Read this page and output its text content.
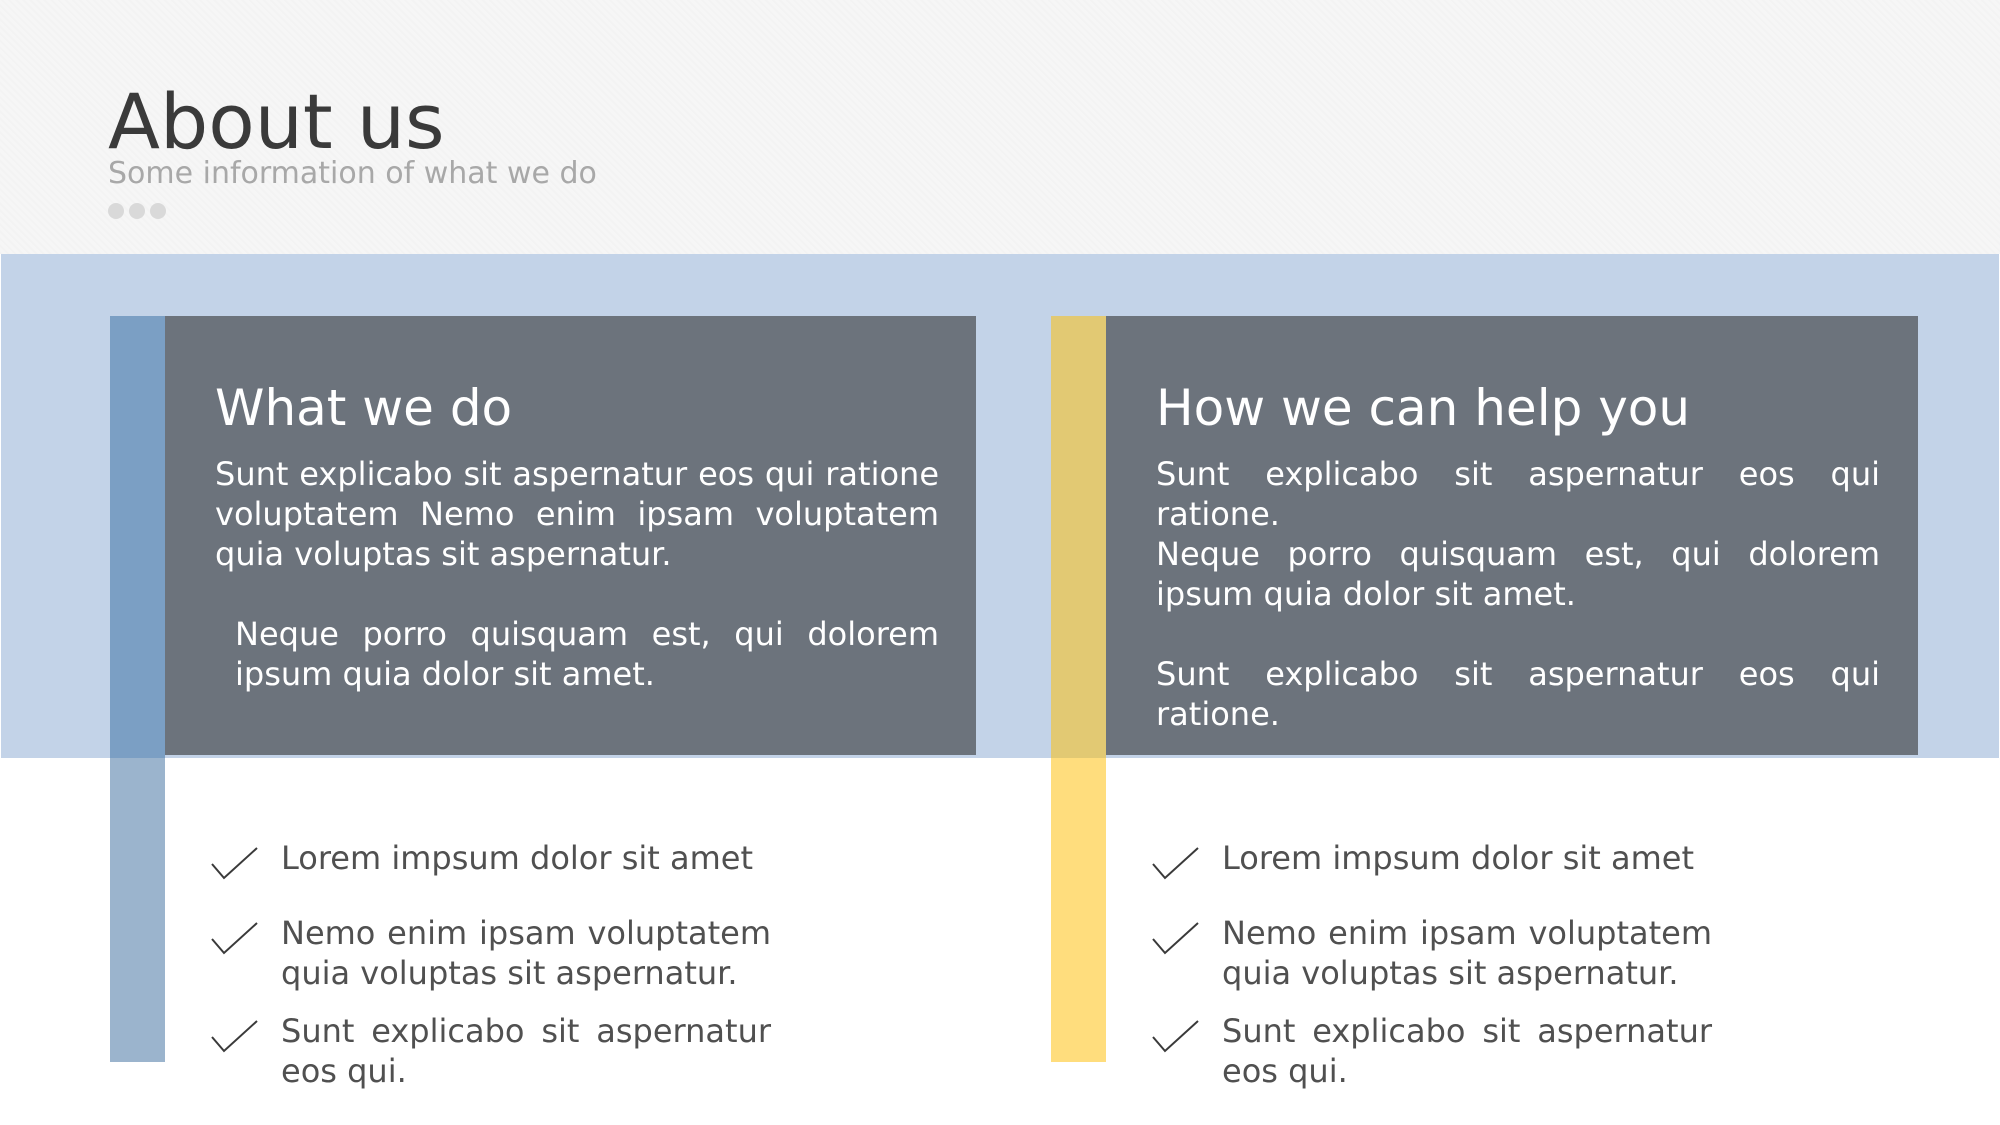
About us
Some information of what we do
What we do

Sunt explicabo sit aspernatur eos qui ratione voluptatem Nemo enim ipsam voluptatem quia voluptas sit aspernatur.

Neque porro quisquam est, qui dolorem ipsum quia dolor sit amet.

How we can help you

Sunt explicabo sit aspernatur eos qui ratione.

Neque porro quisquam est, qui dolorem ipsum quia dolor sit amet.

Sunt explicabo sit aspernatur eos qui ratione.

Lorem impsum dolor sit amet
Nemo enim ipsam voluptatem quia voluptas sit aspernatur.
Sunt explicabo sit aspernatur eos qui.
Lorem impsum dolor sit amet
Nemo enim ipsam voluptatem quia voluptas sit aspernatur.
Sunt explicabo sit aspernatur eos qui.
